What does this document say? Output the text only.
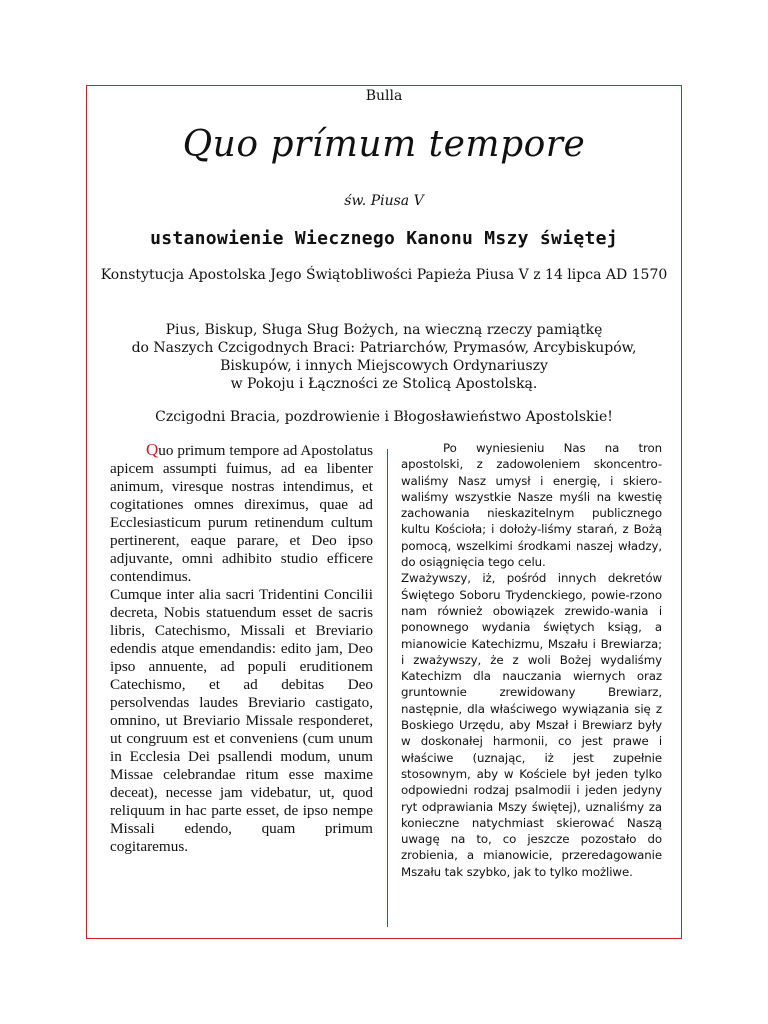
Bulla
Quo prímum tempore
św. Piusa V
ustanowienie Wiecznego Kanonu Mszy świętej
Konstytucja Apostolska Jego Świątobliwości Papieża Piusa V z 14 lipca AD 1570
Pius, Biskup, Sługa Sług Bożych, na wieczną rzeczy pamiątkę
do Naszych Czcigodnych Braci: Patriarchów, Prymasów, Arcybiskupów,
Biskupów, i innych Miejscowych Ordynariuszy
w Pokoju i Łączności ze Stolicą Apostolską.
Czcigodni Bracia, pozdrowienie i Błogosławieństwo Apostolskie!

Quo primum tempore ad Apostolatus apicem assumpti fuimus, ad ea libenter animum, viresque nostras intendimus, et cogitationes omnes direximus, quae ad Ecclesiasticum purum retinendum cultum pertinerent, eaque parare, et Deo ipso adjuvante, omni adhibito studio efficere contendimus.

Cumque inter alia sacri Tridentini Concilii decreta, Nobis statuendum esset de sacris libris, Catechismo, Missali et Breviario edendis atque emendandis: edito jam, Deo ipso annuente, ad populi eruditionem Catechismo, et ad debitas Deo persolvendas laudes Breviario castigato, omnino, ut Breviario Missale responderet, ut congruum est et conveniens (cum unum in Ecclesia Dei psallendi modum, unum Missae celebrandae ritum esse maxime deceat), necesse jam videbatur, ut, quod reliquum in hac parte esset, de ipso nempe Missali edendo, quam primum cogitaremus.

Po wyniesieniu Nas na tron apostolski, z zadowoleniem skoncentro-waliśmy Nasz umysł i energię, i skiero-waliśmy wszystkie Nasze myśli na kwestię zachowania nieskazitelnym publicznego kultu Kościoła; i dołoży-liśmy starań, z Bożą pomocą, wszelkimi środkami naszej władzy, do osiągnięcia tego celu.

Zważywszy, iż, pośród innych dekretów Świętego Soboru Trydenckiego, powie-rzono nam również obowiązek zrewido-wania i ponownego wydania świętych ksiąg, a mianowicie Katechizmu, Mszału i Brewiarza; i zważywszy, że z woli Bożej wydaliśmy Katechizm dla nauczania wiernych oraz gruntownie zrewidowany Brewiarz, następnie, dla właściwego wywiązania się z Boskiego Urzędu, aby Mszał i Brewiarz były w doskonałej harmonii, co jest prawe i właściwe (uznając, iż jest zupełnie stosownym, aby w Kościele był jeden tylko odpowiedni rodzaj psalmodii i jeden jedyny ryt odprawiania Mszy świętej), uznaliśmy za konieczne natychmiast skierować Naszą uwagę na to, co jeszcze pozostało do zrobienia, a mianowicie, przeredagowanie Mszału tak szybko, jak to tylko możliwe.
